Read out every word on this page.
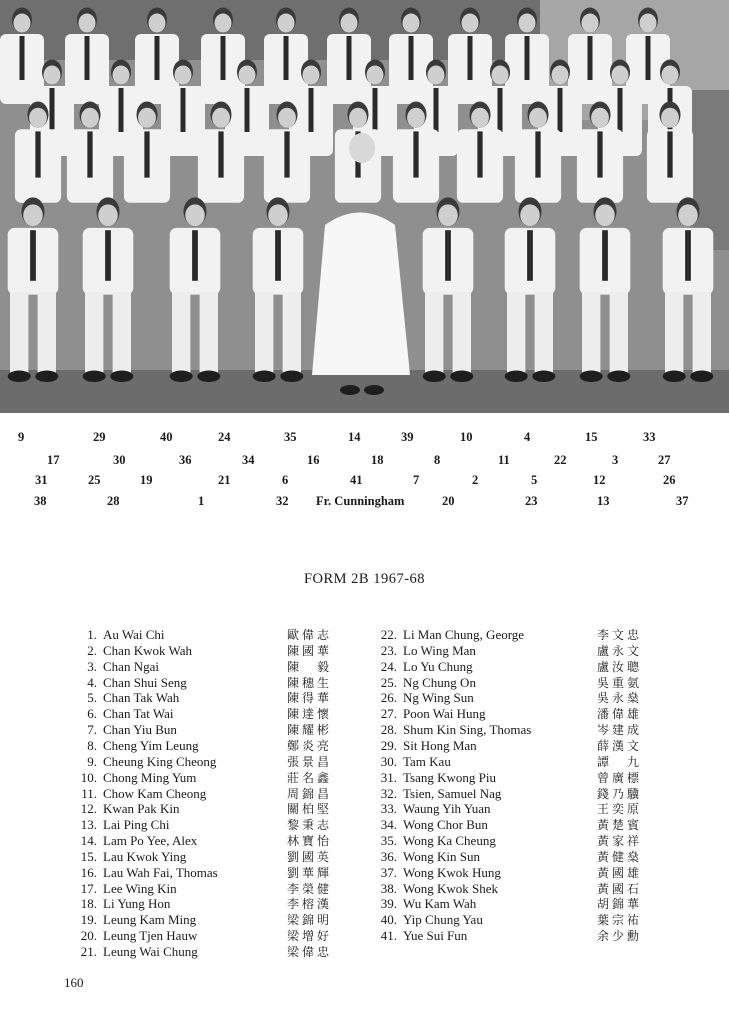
9	29	40	24	35	14	39	10	4	15	33
17	30	36	34	16	18	8	11	22	3	27
31	25	19	21	6	41	7	2	5	12	26
38	28	1	32 Fr. Cunningham	20	23	13	37
FORM 2B 1967-68
1. Au Wai Chi	歐偉志
2. Chan Kwok Wah	陳國華
3. Chan Ngai	陳　毅
4. Chan Shui Seng	陳穗生
5. Chan Tak Wah	陳得華
6. Chan Tat Wai	陳達懷
7. Chan Yiu Bun	陳耀彬
8. Cheng Yim Leung	鄭炎亮
9. Cheung King Cheong	張景昌
10. Chong Ming Yum	莊名鑫
11. Chow Kam Cheong	周錦昌
12. Kwan Pak Kin	關柏堅
13. Lai Ping Chi	黎秉志
14. Lam Po Yee, Alex	林寶怡
15. Lau Kwok Ying	劉國英
16. Lau Wah Fai, Thomas	劉華輝
17. Lee Wing Kin	李榮健
18. Li Yung Hon	李榕漢
19. Leung Kam Ming	梁錦明
20. Leung Tjen Hauw	梁增好
21. Leung Wai Chung	梁偉忠
22. Li Man Chung, George	李文忠
23. Lo Wing Man	盧永文
24. Lo Yu Chung	盧汝聰
25. Ng Chung On	吳重氨
26. Ng Wing Sun	吳永燊
27. Poon Wai Hung	潘偉雄
28. Shum Kin Sing, Thomas	岑建成
29. Sit Hong Man	薛漢文
30. Tam Kau	譚　九
31. Tsang Kwong Piu	曾廣標
32. Tsien, Samuel Nag	錢乃驥
33. Waung Yih Yuan	王奕原
34. Wong Chor Bun	黃楚賓
35. Wong Ka Cheung	黃家祥
36. Wong Kin Sun	黃健燊
37. Wong Kwok Hung	黃國雄
38. Wong Kwok Shek	黃國石
39. Wu Kam Wah	胡錦華
40. Yip Chung Yau	葉宗祐
41. Yue Sui Fun	余少勳
160
